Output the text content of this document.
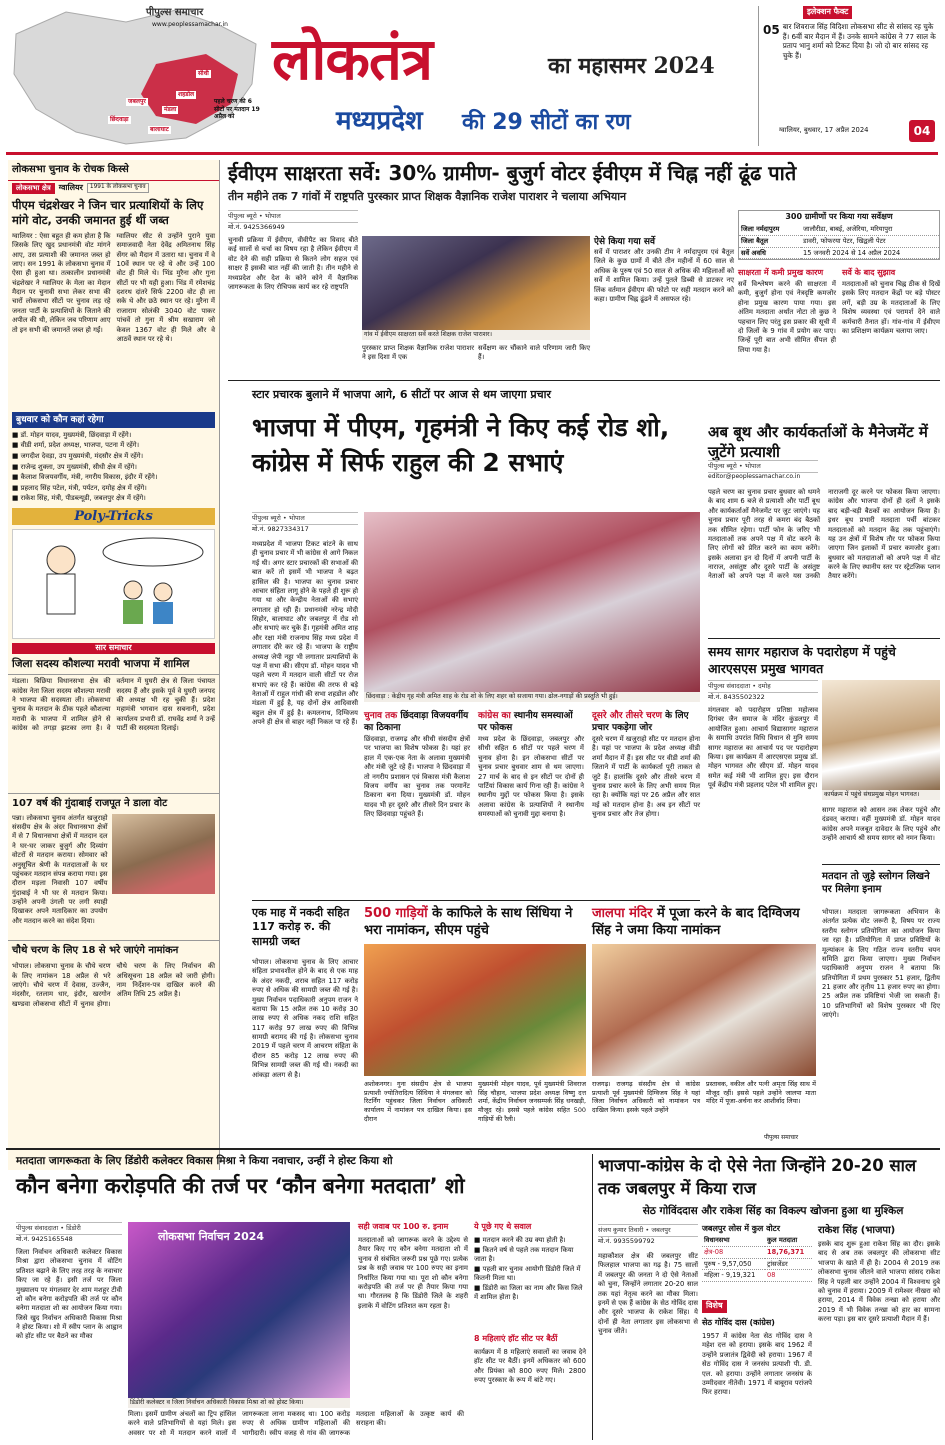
पीपुल्स समाचार
www.peoplessamachar.in
सीधी
शहडोल
जबलपुर
मंडला
छिंदवाड़ा
बालाघाट
पहले चरण की 6 सीटों पर मतदान 19 अप्रैल को
लोकतंत्र	का महासमर 2024
मध्यप्रदेश की 29 सीटों का रण
इलेक्शन फैक्ट
05 बार शिवराज सिंह विदिशा लोकसभा सीट से सांसद रह चुके हैं। 6वीं बार मैदान में हैं। उनके सामने कांग्रेस ने 77 साल के प्रताप भानु शर्मा को टिकट दिया है। जो दो बार सांसद रह चुके हैं।
ग्वालियर, बुधवार, 17 अप्रैल 2024	04
लोकसभा चुनाव के रोचक किस्से
लोकसभा क्षेत्र	ग्वालियर	1991 के लोकसभा चुनाव
पीएम चंद्रशेखर ने जिन चार प्रत्याशियों के लिए मांगे वोट, उनकी जमानत हुई थीं जब्त
ग्वालियर : ऐसा बहुत ही कम होता है कि जिसके लिए खुद प्रधानमंत्री वोट मांगने आए, उस प्रत्याशी की जमानत जब्त हो जाए। सन 1991 के लोकसभा चुनाव में ऐसा ही हुआ था। तत्कालीन प्रधानमंत्री चंद्रशेखर ने ग्वालियर के मेला का मेदान मैदान पर चुनावी सभा लेकर सभा की चारों लोकसभा सीटों पर चुनाव लड़ रहे जनता पार्टी के प्रत्याशियों के जिताने की अपील की थी, लेकिन जब परिणाम आए तो इन सभी की जमानतें जब्त हो गईं।
ग्वालियर सीट से उन्होंने पुराने युवा समाजवादी नेता देवेंद्र अमितनाथ सिंह सेंगर को मैदान में उतारा था। चुनाव में वे 10वें स्थान पर रहे थे और उन्हें 100 वोट ही मिले थे। भिंड मुरैना और गुना सीटों पर भी यही हुआ। भिंड में रमेशचंद्र दशरथ दांतरे सिर्फ 2200 वोट ही ला सके थे और छठे स्थान पर रहे। मुरैना में राजाराम सोलंकी 3040 वोट पाकर पांचवें तो गुना में श्रीम सखाराम जो केवल 1367 वोट ही मिले और वे आठवें स्थान पर रहे थे।
बुधवार को कौन कहां रहेगा
■ डॉ. मोहन यादव, मुख्यमंत्री, छिंदवाड़ा में रहेंगे।
■ वीडी शर्मा, प्रदेश अध्यक्ष, भाजपा, पटना में रहेंगे।
■ जगदीश देवड़ा, उप मुख्यमंत्री, मंदसौर क्षेत्र में रहेंगे।
■ राजेन्द्र शुक्ला, उप मुख्यमंत्री, सीधी क्षेत्र में रहेंगे।
■ कैलाश विजयवर्गीय, मंत्री, नगरीय विकास, इंदौर में रहेंगे।
■ प्रहलाद सिंह पटेल, मंत्री, पर्यटन, दमोह क्षेत्र में रहेंगे।
■ राकेश सिंह, मंत्री, पीडब्ल्यूडी, जबलपुर क्षेत्र में रहेंगे।
Poly-Tricks
सार समाचार
जिला सदस्य कौशल्या मरावी भाजपा में शामिल
मंडला। बिछिया विधानसभा क्षेत्र की कांग्रेस नेता जिला सदस्य कौशल्या मरावी ने भाजपा की सदस्यता ली। लोकसभा चुनाव के मतदान के ठीक पहले कौशल्या मरावी के भाजपा में शामिल होने से कांग्रेस को तगड़ा झटका लगा है। वे वर्तमान में घुघरी क्षेत्र से जिला पंचायत सदस्य हैं और इसके पूर्व वे घुघरी जनपद की अध्यक्ष भी रह चुकी हैं। प्रदेश महामंत्री भगवान दास सबनानी, प्रदेश कार्यालय प्रभारी डॉ. राघवेंद्र शर्मा ने उन्हें पार्टी की सदस्यता दिलाई।
107 वर्ष की गुंदाबाई राजपूत ने डाला वोट
पन्ना। लोकसभा चुनाव अंतर्गत खजुराहो संसदीय क्षेत्र के अंदर विधानसभा क्षेत्रों में से 7 विधानसभा क्षेत्रों में मतदान दल ने घर-घर जाकर बुजुर्ग और दिव्यांग वोटरों से मतदान कराया। सोमवार को अनुसूचित श्रेणी के मतदाताओं के घर पहुंचकर मतदान संपन्न कराया गया। इस दौरान मड़ला निवासी 107 वर्षीय गुंदाबाई ने भी घर से मतदान किया। उन्होंने अपनी उंगली पर लगी स्याही दिखाकर अपने मतादिकार का उपयोग और मतदान करने का संदेश दिया।
चौथे चरण के लिए 18 से भरे जाएंगे नामांकन
भोपाल। लोकसभा चुनाव के चौथे चरण के लिए नामांकन 18 अप्रैल से भरे जाएंगे। चौथे चरण में देवास, उज्जैन, मंदसौर, रतलाम धार, इंदौर, खरगोन खण्डवा लोकसभा सीटों में चुनाव होगा। चौथे चरण के लिए निर्वाचन की अधिसूचना 18 अप्रैल को जारी होगी। नाम निर्देशन-पत्र दाखिल करने की अंतिम तिथि 25 अप्रैल है।
ईवीएम साक्षरता सर्वे: 30% ग्रामीण- बुजुर्ग वोटर ईवीएम में चिह्न नहीं ढूंढ पाते
तीन महीने तक 7 गांवों में राष्ट्रपति पुरस्कार प्राप्त शिक्षक वैज्ञानिक राजेश पाराशर ने चलाया अभियान
पीपुल्स ब्यूरो • भोपाल
मो.नं. 9425366949
चुनावी प्रक्रिया में ईवीएम, वीवीपैट का विवाद बीते कई सालों से चर्चा का विषय रहा है लेकिन ईवीएम में वोट देने की सही प्रक्रिया से कितने लोग सहज एवं साक्षर हैं इसकी बात नहीं की जाती है। तीन महीने से मध्यप्रदेश और देश के कोने कोने में वैज्ञानिक जागरूकता के लिए रोचिपक कार्य कर रहे राष्ट्रपति
गांव में ईवीएम साक्षरता सर्वे करते शिक्षक राजेश पाराशर।
पुरस्कार प्राप्त शिक्षक वैज्ञानिक राजेश पाराशर ने इस दिशा में एक
सर्वेक्षण कर चौंकाने वाले परिणाम जारी किए हैं।
ऐसे किया गया सर्वे
सर्वे में पाराशर और उनकी टीम ने नर्मदापुरम एवं बैतूल जिले के कुछ ग्रामों में बीते तीन महीनों में 60 साल से अधिक के पुरुष एवं 50 साल से अधिक की महिलाओं को सर्वे में शामिल किया। उन्हें पुतले डिब्बी से डाटकर नए लिंक वर्तमान ईवीएम की फोटो पर सही मतदान करने को कहा। ग्रामीण चिह्न ढूंढने में असफल रहे।
300 ग्रामीणों पर किया गया सर्वेक्षण
जिला नर्मदापुरम	जालौरीडा, बाबई, अजेरिया, मरियापुरा
जिला बैतूल	डावरी, फोफरया पेटर, खिद्वली पेटर
सर्वे अवधि	15 जनवरी 2024 से 14 अप्रैल 2024
साक्षरता में कमी प्रमुख कारण
सर्वे विश्लेषण करने की साक्षरता में कमी, बुजुर्ग होना एवं नेत्रदृष्टि कमजोर होना प्रमुख कारण पाया गया। इस अंतिम मतदाता अर्थात नोटा तो कुछ ने पहचान लिए परंतु इस प्रकार की सूची में दो जिलों के 9 गांव में प्रयोग कर पाए। जिन्हें पूरी बात अभी सीमित सैंपल ही लिया गया है।
सर्वे के बाद सुझाव
मतदाताओं को चुनाव चिह्न ठीक से दिखें इसके लिए मतदान केंद्रों पर बड़े पोस्टर लगें, बड़ी उम्र के मतदाताओं के लिए विशेष व्यवस्था एवं परामर्श देने वाले कर्मचारी तैनात हों। गांव-गांव में ईवीएम का प्रशिक्षण कार्यक्रम चलाया जाए।
स्टार प्रचारक बुलाने में भाजपा आगे, 6 सीटों पर आज से थम जाएगा प्रचार
भाजपा में पीएम, गृहमंत्री ने किए कई रोड शो, कांग्रेस में सिर्फ राहुल की 2 सभाएं
पीपुल्स ब्यूरो • भोपाल
मो.नं. 9827334317
मध्यप्रदेश में भाजपा टिकट बांटने के साथ ही चुनाव प्रचार में भी कांग्रेस से आगे निकल गई थी। अगर स्टार प्रचारकों की सभाओं की बात करें तो इसमें भी भाजपा ने बढ़त हासिल की है। भाजपा का चुनाव प्रचार आचार संहिता लागू होने के पहले ही शुरू हो गया था और केन्द्रीय नेताओं की सभाएं लगातार हो रही हैं। प्रधानमंत्री नरेन्द्र मोदी सिहोर, बालाघाट और जबलपुर में रोड शो और सभाएं कर चुके हैं। गृहमंत्री अमित शाह और रक्षा मंत्री राजनाथ सिंह मध्य प्रदेश में लगातार दौरे कर रहे हैं। भाजपा के राष्ट्रीय अध्यक्ष जेपी नड्डा भी लगातार प्रत्याशियों के पक्ष में सभा की। सीएम डॉ. मोहन यादव भी पहले चरण में मतदान वाली सीटों पर रोज सभाएं कर रहे हैं। कांग्रेस की तरफ से बड़े नेताओं में राहुल गांधी की सभा शहडोल और मंडला में हुई है, यह दोनों क्षेत्र आदिवासी बहुल क्षेत्र में हुई है। कमलनाथ, दिग्विजय अपने ही क्षेत्र से बाहर नहीं निकल पा रहे हैं।
छिंदवाड़ा : केंद्रीय गृह मंत्री अमित शाह के रोड शो के लिए शहर को सजाया गया। ढोल-नगाड़ों की प्रस्तुति भी हुई।
चुनाव तक छिंदवाड़ा विजयवर्गीय का ठिकाना
छिंदवाड़ा, राजगढ़ और सीधी संसदीय क्षेत्रों पर भाजपा का विशेष फोकस है। यहां हर हाल में एक-एक नेता के अलावा मुख्यमंत्री और मंत्री जुटे रहे हैं। भाजपा ने छिंदवाड़ा में तो नगरीय प्रशासन एवं विकास मंत्री कैलाश विजय वर्गीय का चुनाव तक परमानेंट ठिकाना बना दिया। मुख्यमंत्री डॉ. मोहन यादव भी हर दूसरे और तीसरे दिन प्रचार के लिए छिंदवाड़ा पहुंचते हैं।
कांग्रेस का स्थानीय समस्याओं पर फोकस
मध्य प्रदेश के छिंदवाड़ा, जबलपुर और सीधी सहित 6 सीटों पर पहले चरण में चुनाव होना है। इन लोकसभा सीटों पर चुनाव प्रचार बुधवार शाम से थम जाएगा। 27 मार्च के बाद से इन सीटों पर दोनों ही पार्टियां विकास कार्य गिना रही हैं। कांग्रेस ने स्थानीय मुद्दों पर फोकस किया है। इसके अलावा कांग्रेस के प्रत्याशियों ने स्थानीय समस्याओं को चुनावी मुद्दा बनाया है।
दूसरे और तीसरे चरण के लिए प्रचार पकड़ेगा जोर
दूसरे चरण में खजुराहो सीट पर मतदान होना है। यहां पर भाजपा के प्रदेश अध्यक्ष वीडी शर्मा मैदान में हैं। इस सीट पर वीडी शर्मा की जिताने में पार्टी के कार्यकर्ता पूरी ताकत से जुटे हैं। हालांकि दूसरे और तीसरे चरण में चुनाव प्रचार करने के लिए अभी समय मिल रहा है। क्योंकि यहां पर 26 अप्रैल और सात मई को मतदान होना है। अब इन सीटों पर चुनाव प्रचार और तेज होगा।
अब बूथ और कार्यकर्ताओं के मैनेजमेंट में जुटेंगे प्रत्याशी
पीपुल्स ब्यूरो • भोपाल
editor@peoplessamachar.co.in
पहले चरण का चुनाव प्रचार बुधवार को थमने के बाद शाम 6 बजे से प्रत्याशी और पार्टी बूथ और कार्यकर्ताओं मैनेजमेंट पर जुट जाएंगे। यह चुनाव प्रचार पूरी तरह से कमरा बंद बैठकों तक सीमित रहेगा। पार्टी फोन के जरिए भी मतदाताओं तक अपने पक्ष में वोट करने के लिए लोगों को प्रेरित करने का काम करेंगे। इसके अलावा इन दो दिनों में अपनी पार्टी के नाराज, असंतुष्ट और दूसरे पार्टी के असंतुष्ट नेताओं को अपने पक्ष में करने यस उनकी नाराजगी दूर करने पर फोकस किया जाएगा। कांग्रेस और भाजपा दोनों ही दलों ने इसके बाद बड़ी-बड़ी बैठकों का आयोजन किया है। इधर बूथ प्रभारी मतदाता पर्ची बांटकर मतदाताओं को मतदान केंद्र तक पहुंचाएंगे। यह उन क्षेत्रों में विशेष तौर पर फोकस किया जाएगा जिन इलाकों में प्रचार कमजोर हुआ। बुधवार को मतदाताओं को अपने पक्ष में वोट करने के लिए स्थानीय स्तर पर स्ट्रेटजिक प्लान तैयार करेंगे।
समय सागर महाराज के पदारोहण में पहुंचे आरएसएस प्रमुख भागवत
पीपुल्स संवाददाता • दमोह
मो.नं. 8435502322
मंगलवार को पदारोहण प्रतिष्ठा महोत्सव दिगंबर जैन समाज के मंदिर कुंडलपुर में आयोजित हुआ। आचार्य विद्यासागर महाराज के समाधि उपरांत विधि विधान से मुनि समय सागर महाराज का आचार्य पद पर पदारोहण किया। इस कार्यक्रम में आरएसएस प्रमुख डॉ. मोहन भागवत और सीएम डॉ. मोहन यादव समेत कई मंत्री भी शामिल हुए। इस दौरान पूर्व केंद्रीय मंत्री प्रहलाद पटेल भी शामिल हुए।
कार्यक्रम में पहुंचे संघप्रमुख मोहन भागवत।
सागर महाराज को आसन तक लेकर पहुंचे और दंडवत्‌ कराया। वहीं मुख्यमंत्री डॉ. मोहन यादव कांग्रेस अपने मजबूत दावेदार के लिए पहुंचे और उन्होंने आचार्य श्री समय सागर को नमन किया।
मतदान तो जुड़े स्लोगन लिखने पर मिलेगा इनाम
भोपाल। मतदाता जागरूकता अभियान के अंतर्गत प्रत्येक वोट जरूरी है, विषय पर राज्य स्तरीय स्लोगन प्रतियोगिता का आयोजन किया जा रहा है। प्रतियोगिता में प्राप्त प्रविष्टियों के मूल्यांकन के लिए गठित राज्य स्तरीय चयन समिति द्वारा किया जाएगा। मुख्य निर्वाचन पदाधिकारी अनुपम राजन ने बताया कि प्रतियोगिता में प्रथम पुरस्कार 51 हजार, द्वितीय 21 हजार और तृतीय 11 हजार रुपए का होगा। 25 अप्रैल तक प्रविष्टियां भेजी जा सकती हैं। 10 प्रतिभागियों को विशेष पुरस्कार भी दिए जाएंगे।
एक माह में नकदी सहित 117 करोड़ रु. की सामग्री जब्त
भोपाल। लोकसभा चुनाव के लिए आचार संहिता प्रभावशील होने के बाद से एक माह के अंदर नकदी, शराब सहित 117 करोड़ रुपए से अधिक की सामग्री जब्त की गई है। मुख्य निर्वाचन पदाधिकारी अनुपम राजन ने बताया कि 15 अप्रैल तक 10 करोड़ 30 लाख रुपए से अधिक नकद राशि सहित 117 करोड़ 97 लाख रुपए की विभिन्न सामग्री बरामद की गई है। लोकसभा चुनाव 2019 में पहले चरण में आचरण संहिता के दौरान 85 करोड़ 12 लाख रुपए की विभिन्न सामग्री जब्त की गई थी। नकदी का आंकड़ा अलग से है।
500 गाड़ियों के काफिले के साथ सिंधिया ने भरा नामांकन, सीएम पहुंचे
अशोकनगर। गुना संसदीय क्षेत्र से भाजपा प्रत्याशी ज्योतिरादित्य सिंधिया ने मंगलवार को रिटर्निंग पहुंचकर जिला निर्वाचन अधिकारी कार्यालय में नामांकन पत्र दाखिल किया। इस दौरान
मुख्यमंत्री मोहन यादव, पूर्व मुख्यमंत्री शिवराज सिंह चौहान, भाजपा प्रदेश अध्यक्ष विष्णु दत्त शर्मा, केंद्रीय निर्वाचन जनसम्पर्क सिंह धनखड़ी, मौजूद रहे। इससे पहले कांग्रेस सहित 500 गाड़ियों की रैली।
जालपा मंदिर में पूजा करने के बाद दिग्विजय सिंह ने जमा किया नामांकन
राजगढ़। राजगढ़ संसदीय क्षेत्र से कांग्रेस प्रत्याशी पूर्व मुख्यमंत्री दिग्विजय सिंह ने यहां जिला निर्वाचन अधिकारी को नामांकन पत्र दाखिल किया। इसके पहले उन्होंने
प्रस्तावक, वकील और पत्नी अमृता सिंह साथ में मौजूद रहीं। इससे पहले उन्होंने जालपा माता मंदिर में पूजा-अर्चना कर आशीर्वाद लिया।
पीपुल्स समाचार
मतदाता जागरूकता के लिए डिंडोरी कलेक्टर विकास मिश्रा ने किया नवाचार, उन्हीं ने होस्ट किया शो
कौन बनेगा करोड़पति की तर्ज पर ‘कौन बनेगा मतदाता’ शो
पीपुल्स संवाददाता • डिंडोरी
मो.नं. 9425165548
जिला निर्वाचन अधिकारी कलेक्टर विकास मिश्रा द्वारा लोकसभा चुनाव में वोटिंग प्रतिशत बढ़ाने के लिए तरह तरह के नवाचार किए जा रहे हैं। इसी तर्ज पर जिला मुख्यालय पर मंगलवार देर शाम मशहूर टीवी शो कौन बनेगा करोड़पति की तर्ज पर कौन बनेगा मतदाता शो का आयोजन किया गया। जिसे खुद निर्वाचन अधिकारी विकास मिश्रा ने होस्ट किया। शो में स्वीप प्लान के आह्वान को हॉट सीट पर बैठने का मौका
लोकसभा निर्वाचन 2024
डिंडोरी कलेक्टर व जिला निर्वाचन अधिकारी विकास मिश्रा शो को होस्ट किया।
मिला। इसमें ग्रामीण अंचलों का ट्रिप हांसिल करने वाले प्रतिभागियों से यहां मिले। इस अवसर पर शो में मतदान करने वालों में जागरूकता लाना मकसद था। 100 करोड़ रुपए से अधिक ग्रामीण महिलाओं की भागीदारी। स्वीप वजह से गांव की जागरूक मतदाता महिलाओं के उत्कृष्ट कार्य की सराहना की।
सही जवाब पर 100 रु. इनाम
मतदाताओं को जागरूक करने के उद्देश्य से तैयार किए गए कौन बनेगा मतदाता शो में चुनाव से संबंधित जरूरी प्रश्न पूछे गए। प्रत्येक प्रश्न के सही जवाब पर 100 रुपए का इनाम निर्धारित किया गया था। पूरा शो कौन बनेगा करोड़पति की तर्ज पर ही तैयार किया गया था। गौरतलब है कि डिंडोरी जिले के शहरी इलाके में वोटिंग प्रतिशत कम रहता है।
ये पूछे गए थे सवाल
■ मतदान करने की उम्र क्या होती है।
■ कितने वर्ष से पहले तक मतदान किया जाता है।
■ पहली बार चुनाव आयोगी डिंडोरी जिले में कितनी मिला था।
■ डिंडोरी का जिला का नाम और किस जिले में शामिल होता है।
8 महिलाएं हॉट सीट पर बैठीं
कार्यक्रम में 8 महिलाएं सवालों का जवाब देने हॉट सीट पर बैठीं। इनमें अधिकतर को 600 और प्रियंका को 800 रुपए मिले। 2800 रुपए पुरस्कार के रूप में बांटे गए।
भाजपा-कांग्रेस के दो ऐसे नेता जिन्होंने 20-20 साल तक जबलपुर में किया राज
सेठ गोविंददास और राकेश सिंह का विकल्प खोजना हुआ था मुश्किल
संजय कुमार तिवारी • जबलपुर
मो.नं. 9935599792
महाकौशल क्षेत्र की जबलपुर सीट फिलहाल भाजपा का गढ़ है। 75 सालों में जबलपुर की जनता ने दो ऐसे नेताओं को चुना, जिन्होंने लगातार 20-20 साल तक यहां नेतृत्व करने का मौका मिला। इनमें से एक हैं कांग्रेस के सेठ गोविंद दास और दूसरे भाजपा के राकेश सिंह। ये दोनों ही नेता लगातार इस लोकसभा से चुनाव जीते।
जबलपुर लोस में कुल वोटर
विधानसभा	कुल मतदाता
क्षेत्र-08	18,76,371
पुरुष - 9,57,050	ट्रांसजेंडर
महिला - 9,19,321	08
विशेष
सेठ गोविंद दास (कांग्रेस)
1957 में कांग्रेस नेता सेठ गोविंद दास ने महेश दत्त को हराया। इसके बाद 1962 में उन्होंने प्रजातंत्र द्विवेदी को हराया। 1967 में सेठ गोविंद दास ने जनसंघ प्रत्याशी पी. डी. एल. को हराया। उन्होंने लगातार जनसंघ के उम्मीदवार नीतेवी। 1971 में बाबूराव परांजपे फिर हराया।
राकेश सिंह (भाजपा)
इसके बाद शुरू हुआ राकेश सिंह का दौर। इसके बाद से अब तक जबलपुर की लोकसभा सीट भाजपा के खाते में ही है। 2004 से 2019 तक लोकसभा चुनाव जीतने वाले भाजपा सांसद राकेश सिंह ने पहली बार उन्होंने 2004 में विश्वनाथ दुबे को चुनाव में हराया। 2009 में रामेश्वर नीखरा को हराया, 2014 में विवेक तन्खा को हराया और 2019 में भी विवेक तन्खा को हार का सामना करना पड़ा। इस बार दूसरे प्रत्याशी मैदान में हैं।
